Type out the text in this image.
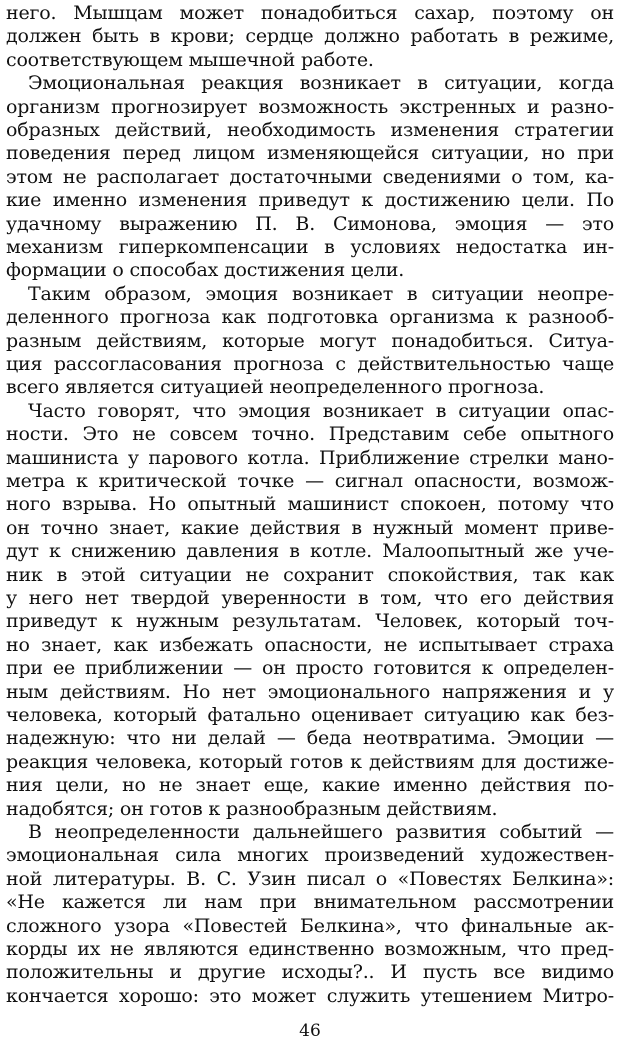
него. Мышцам может понадобиться сахар, поэтому он
должен быть в крови; сердце должно работать в режиме,
соответствующем мышечной работе.
Эмоциональная реакция возникает в ситуации, когда
организм прогнозирует возможность экстренных и разно-
образных действий, необходимость изменения стратегии
поведения перед лицом изменяющейся ситуации, но при
этом не располагает достаточными сведениями о том, ка-
кие именно изменения приведут к достижению цели. По
удачному выражению П. В. Симонова, эмоция — это
механизм гиперкомпенсации в условиях недостатка ин-
формации о способах достижения цели.
Таким образом, эмоция возникает в ситуации неопре-
деленного прогноза как подготовка организма к разнооб-
разным действиям, которые могут понадобиться. Ситуа-
ция рассогласования прогноза с действительностью чаще
всего является ситуацией неопределенного прогноза.
Часто говорят, что эмоция возникает в ситуации опас-
ности. Это не совсем точно. Представим себе опытного
машиниста у парового котла. Приближение стрелки мано-
метра к критической точке — сигнал опасности, возмож-
ного взрыва. Но опытный машинист спокоен, потому что
он точно знает, какие действия в нужный момент приве-
дут к снижению давления в котле. Малоопытный же уче-
ник в этой ситуации не сохранит спокойствия, так как
у него нет твердой уверенности в том, что его действия
приведут к нужным результатам. Человек, который точ-
но знает, как избежать опасности, не испытывает страха
при ее приближении — он просто готовится к определен-
ным действиям. Но нет эмоционального напряжения и у
человека, который фатально оценивает ситуацию как без-
надежную: что ни делай — беда неотвратима. Эмоции —
реакция человека, который готов к действиям для достиже-
ния цели, но не знает еще, какие именно действия по-
надобятся; он готов к разнообразным действиям.
В неопределенности дальнейшего развития событий —
эмоциональная сила многих произведений художествен-
ной литературы. В. С. Узин писал о «Повестях Белкина»:
«Не кажется ли нам при внимательном рассмотрении
сложного узора «Повестей Белкина», что финальные ак-
корды их не являются единственно возможным, что пред-
положительны и другие исходы?.. И пусть все видимо
кончается хорошо: это может служить утешением Митро-
46
